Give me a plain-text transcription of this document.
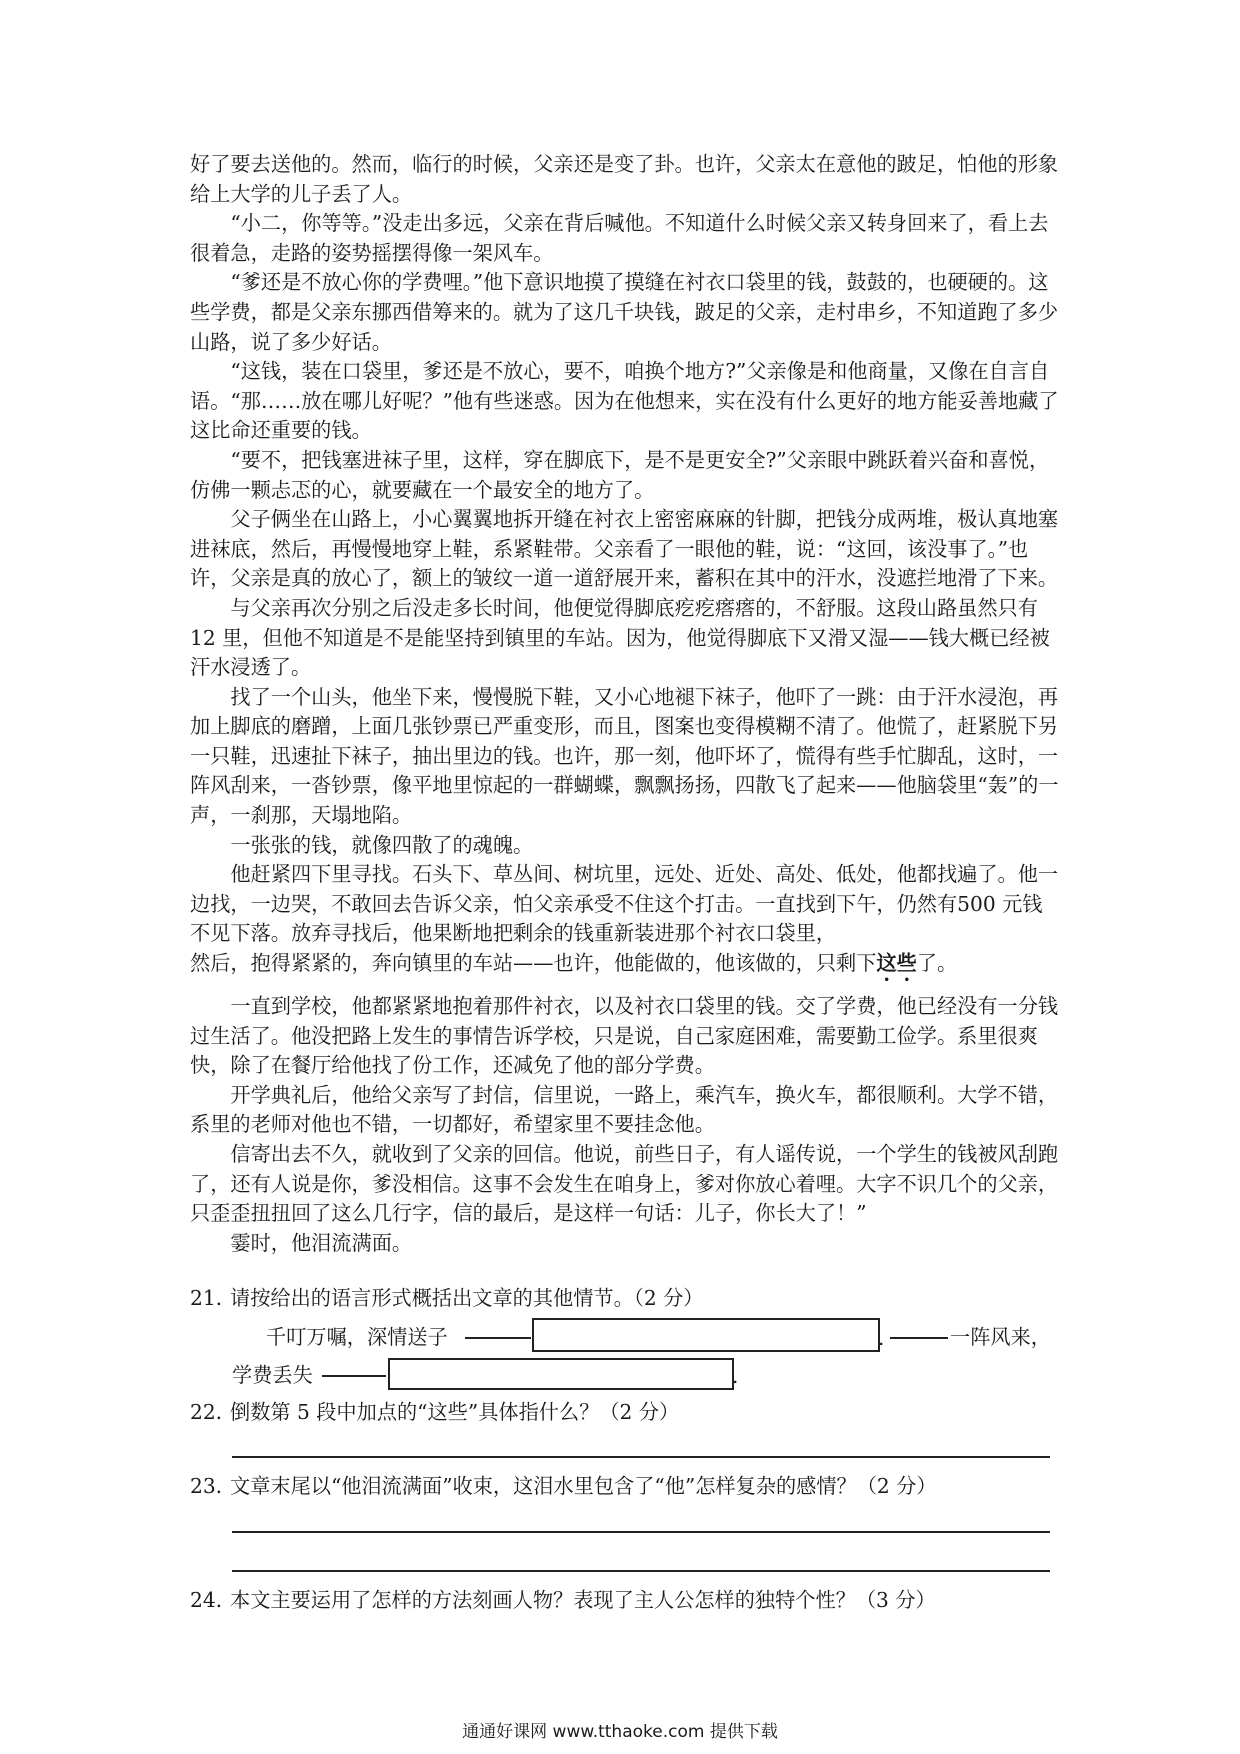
好了要去送他的。然而，临行的时候，父亲还是变了卦。也许，父亲太在意他的跛足，怕他的形象给上大学的儿子丢了人。

“小二，你等等。”没走出多远，父亲在背后喊他。不知道什么时候父亲又转身回来了，看上去很着急，走路的姿势摇摆得像一架风车。

“爹还是不放心你的学费哩。”他下意识地摸了摸缝在衬衣口袋里的钱，鼓鼓的，也硬硬的。这些学费，都是父亲东挪西借筹来的。就为了这几千块钱，跛足的父亲，走村串乡，不知道跑了多少山路，说了多少好话。

“这钱，装在口袋里，爹还是不放心，要不，咱换个地方?”父亲像是和他商量，又像在自言自语。“那……放在哪儿好呢？”他有些迷惑。因为在他想来，实在没有什么更好的地方能妥善地藏了这比命还重要的钱。

“要不，把钱塞进袜子里，这样，穿在脚底下，是不是更安全?”父亲眼中跳跃着兴奋和喜悦，仿佛一颗忐忑的心，就要藏在一个最安全的地方了。

父子俩坐在山路上，小心翼翼地拆开缝在衬衣上密密麻麻的针脚，把钱分成两堆，极认真地塞进袜底，然后，再慢慢地穿上鞋，系紧鞋带。父亲看了一眼他的鞋，说：“这回，该没事了。”也许，父亲是真的放心了，额上的皱纹一道一道舒展开来，蓄积在其中的汗水，没遮拦地滑了下来。

与父亲再次分别之后没走多长时间，他便觉得脚底疙疙瘩瘩的，不舒服。这段山路虽然只有 12 里，但他不知道是不是能坚持到镇里的车站。因为，他觉得脚底下又滑又湿——钱大概已经被汗水浸透了。

找了一个山头，他坐下来，慢慢脱下鞋，又小心地褪下袜子，他吓了一跳：由于汗水浸泡，再加上脚底的磨蹭，上面几张钞票已严重变形，而且，图案也变得模糊不清了。他慌了，赶紧脱下另一只鞋，迅速扯下袜子，抽出里边的钱。也许，那一刻，他吓坏了，慌得有些手忙脚乱，这时，一阵风刮来，一沓钞票，像平地里惊起的一群蝴蝶，飘飘扬扬，四散飞了起来——他脑袋里“轰”的一声，一刹那，天塌地陷。

一张张的钱，就像四散了的魂魄。

他赶紧四下里寻找。石头下、草丛间、树坑里，远处、近处、高处、低处，他都找遍了。他一边找，一边哭，不敢回去告诉父亲，怕父亲承受不住这个打击。一直找到下午，仍然有500 元钱不见下落。放弃寻找后，他果断地把剩余的钱重新装进那个衬衣口袋里，

然后，抱得紧紧的，奔向镇里的车站——也许，他能做的，他该做的，只剩下这些了。

一直到学校，他都紧紧地抱着那件衬衣，以及衬衣口袋里的钱。交了学费，他已经没有一分钱过生活了。他没把路上发生的事情告诉学校，只是说，自己家庭困难，需要勤工俭学。系里很爽快，除了在餐厅给他找了份工作，还减免了他的部分学费。

开学典礼后，他给父亲写了封信，信里说，一路上，乘汽车，换火车，都很顺利。大学不错，系里的老师对他也不错，一切都好，希望家里不要挂念他。

信寄出去不久，就收到了父亲的回信。他说，前些日子，有人谣传说，一个学生的钱被风刮跑了，还有人说是你，爹没相信。这事不会发生在咱身上，爹对你放心着哩。大字不识几个的父亲，只歪歪扭扭回了这么几行字，信的最后，是这样一句话：儿子，你长大了！”

霎时，他泪流满面。

21．请按给出的语言形式概括出文章的其他情节。（2 分）

千叮万嘱，深情送子	.	一阵风来，
学费丢失	.

22．倒数第 5 段中加点的“这些”具体指什么？（2 分）

23．文章末尾以“他泪流满面”收束，这泪水里包含了“他”怎样复杂的感情？（2 分）

24．本文主要运用了怎样的方法刻画人物？表现了主人公怎样的独特个性？（3 分）

通通好课网 www.tthaoke.com 提供下载
